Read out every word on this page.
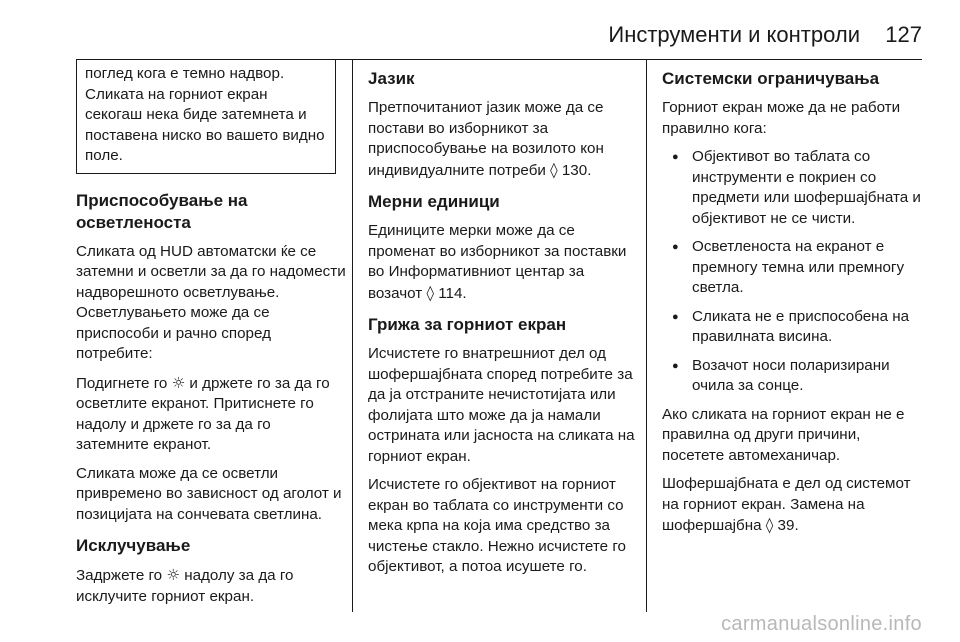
Инструменти и контроли 127

поглед кога е темно надвор. Сликата на горниот екран секогаш нека биде затемнета и поставена ниско во вашето видно поле.

Приспособување на осветленоста

Сликата од HUD автоматски ќе се затемни и осветли за да го надомести надворешното осветлување. Осветлувањето може да се приспособи и рачно според потребите:

Подигнете го ☼ и држете го за да го осветлите екранот. Притиснете го надолу и држете го за да го затемните екранот.

Сликата може да се осветли привремено во зависност од аголот и позицијата на сончевата светлина.

Исклучување

Задржете го ☼ надолу за да го исклучите горниот екран.

Јазик

Претпочитаниот јазик може да се постави во изборникот за приспособување на возилото кон индивидуалните потреби ◊ 130.

Мерни единици

Единиците мерки може да се променат во изборникот за поставки во Информативниот центар за возачот ◊ 114.

Грижа за горниот екран

Исчистете го внатрешниот дел од шофершајбната според потребите за да ја отстраните нечистотијата или фолијата што може да ја намали острината или јасноста на сликата на горниот екран.

Исчистете го објективот на горниот екран во таблата со инструменти со мека крпа на која има средство за чистење стакло. Нежно исчистете го објективот, а потоа исушете го.

Системски ограничувања

Горниот екран може да не работи правилно кога:

● Објективот во таблата со инструменти е покриен со предмети или шофершајбната и објективот не се чисти.
● Осветленоста на екранот е премногу темна или премногу светла.
● Сликата не е приспособена на правилната висина.
● Возачот носи поларизирани очила за сонце.

Ако сликата на горниот екран не е правилна од други причини, посетете автомеханичар.

Шофершајбната е дел од системот на горниот екран. Замена на шофершајбна ◊ 39.

carmanualsonline.info
